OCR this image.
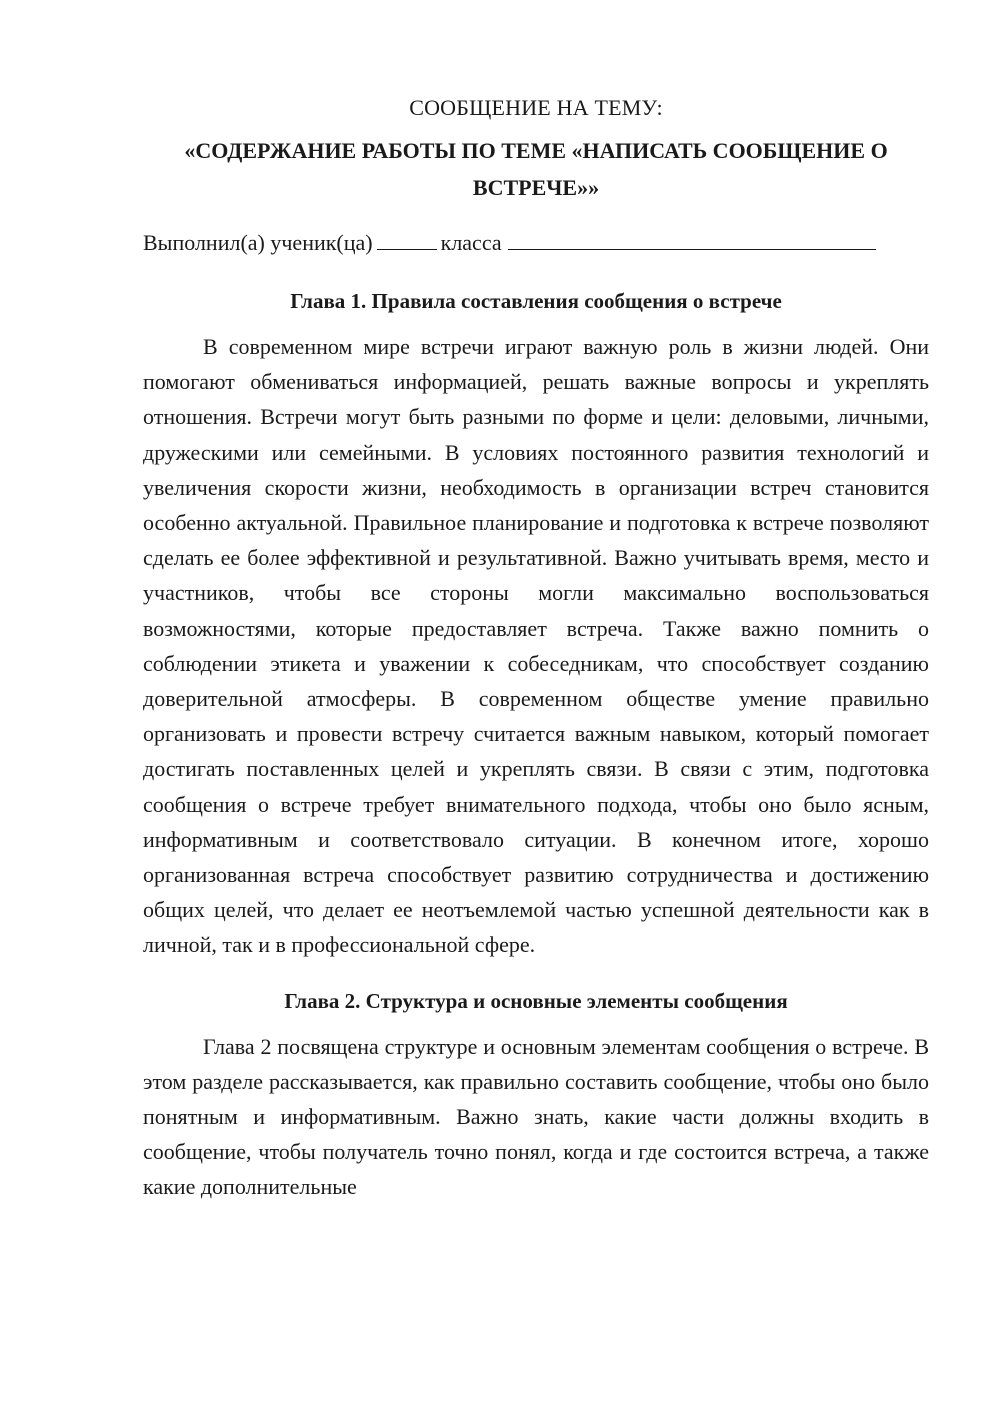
СООБЩЕНИЕ НА ТЕМУ:
«СОДЕРЖАНИЕ РАБОТЫ ПО ТЕМЕ «НАПИСАТЬ СООБЩЕНИЕ О ВСТРЕЧЕ»»
Выполнил(а) ученик(ца)	класса
Глава 1. Правила составления сообщения о встрече

В современном мире встречи играют важную роль в жизни людей. Они помогают обмениваться информацией, решать важные вопросы и укреплять отношения. Встречи могут быть разными по форме и цели: деловыми, личными, дружескими или семейными. В условиях постоянного развития технологий и увеличения скорости жизни, необходимость в организации встреч становится особенно актуальной. Правильное планирование и подготовка к встрече позволяют сделать ее более эффективной и результативной. Важно учитывать время, место и участников, чтобы все стороны могли максимально воспользоваться возможностями, которые предоставляет встреча. Также важно помнить о соблюдении этикета и уважении к собеседникам, что способствует созданию доверительной атмосферы. В современном обществе умение правильно организовать и провести встречу считается важным навыком, который помогает достигать поставленных целей и укреплять связи. В связи с этим, подготовка сообщения о встрече требует внимательного подхода, чтобы оно было ясным, информативным и соответствовало ситуации. В конечном итоге, хорошо организованная встреча способствует развитию сотрудничества и достижению общих целей, что делает ее неотъемлемой частью успешной деятельности как в личной, так и в профессиональной сфере.

Глава 2. Структура и основные элементы сообщения

Глава 2 посвящена структуре и основным элементам сообщения о встрече. В этом разделе рассказывается, как правильно составить сообщение, чтобы оно было понятным и информативным. Важно знать, какие части должны входить в сообщение, чтобы получатель точно понял, когда и где состоится встреча, а также какие дополнительные
